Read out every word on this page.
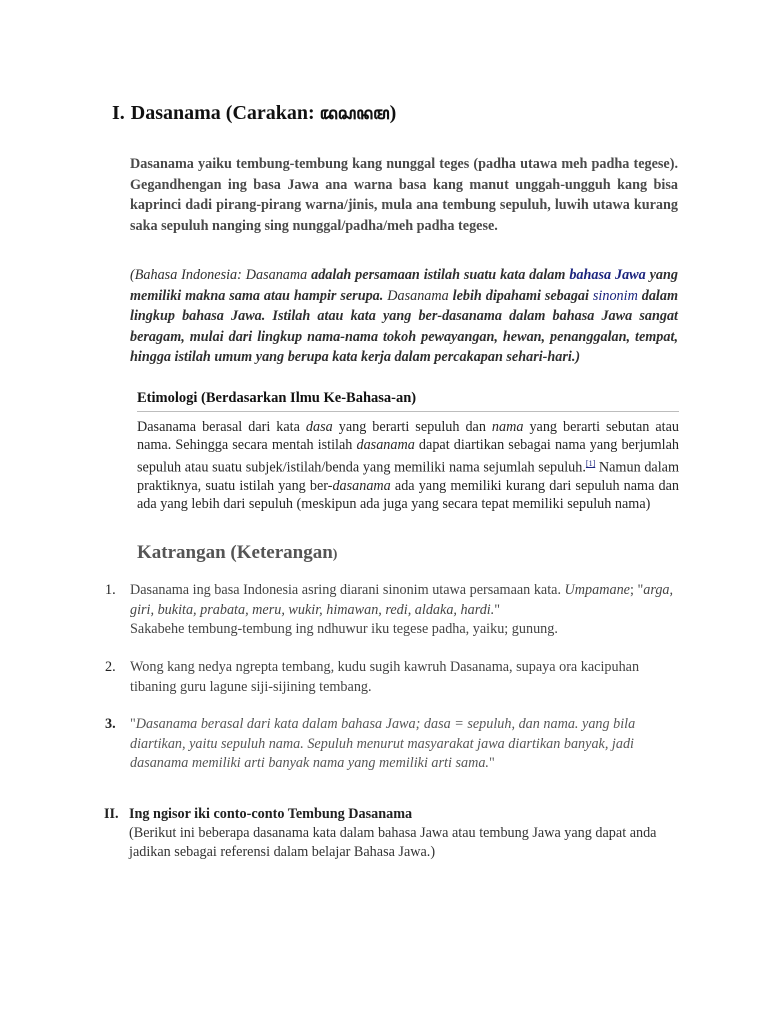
I. Dasanama (Carakan: ꦢꦱꦤꦩ)
Dasanama yaiku tembung-tembung kang nunggal teges (padha utawa meh padha tegese). Gegandhengan ing basa Jawa ana warna basa kang manut unggah-ungguh kang bisa kaprinci dadi pirang-pirang warna/jinis, mula ana tembung sepuluh, luwih utawa kurang saka sepuluh nanging sing nunggal/padha/meh padha tegese.
(Bahasa Indonesia: Dasanama adalah persamaan istilah suatu kata dalam bahasa Jawa yang memiliki makna sama atau hampir serupa. Dasanama lebih dipahami sebagai sinonim dalam lingkup bahasa Jawa. Istilah atau kata yang ber-dasanama dalam bahasa Jawa sangat beragam, mulai dari lingkup nama-nama tokoh pewayangan, hewan, penanggalan, tempat, hingga istilah umum yang berupa kata kerja dalam percakapan sehari-hari.)
Etimologi (Berdasarkan Ilmu Ke-Bahasa-an)
Dasanama berasal dari kata dasa yang berarti sepuluh dan nama yang berarti sebutan atau nama. Sehingga secara mentah istilah dasanama dapat diartikan sebagai nama yang berjumlah sepuluh atau suatu subjek/istilah/benda yang memiliki nama sejumlah sepuluh.[1] Namun dalam praktiknya, suatu istilah yang ber-dasanama ada yang memiliki kurang dari sepuluh nama dan ada yang lebih dari sepuluh (meskipun ada juga yang secara tepat memiliki sepuluh nama)
Katrangan (Keterangan)
1. Dasanama ing basa Indonesia asring diarani sinonim utawa persamaan kata. Umpamane; "arga, giri, bukita, prabata, meru, wukir, himawan, redi, aldaka, hardi."
Sakabehe tembung-tembung ing ndhuwur iku tegese padha, yaiku; gunung.
2. Wong kang nedya ngrepta tembang, kudu sugih kawruh Dasanama, supaya ora kacipuhan tibaning guru lagune siji-sijining tembang.
3. "Dasanama berasal dari kata dalam bahasa Jawa; dasa = sepuluh, dan nama. yang bila diartikan, yaitu sepuluh nama. Sepuluh menurut masyarakat jawa diartikan banyak, jadi dasanama memiliki arti banyak nama yang memiliki arti sama."
II. Ing ngisor iki conto-conto Tembung Dasanama
(Berikut ini beberapa dasanama kata dalam bahasa Jawa atau tembung Jawa yang dapat anda jadikan sebagai referensi dalam belajar Bahasa Jawa.)
